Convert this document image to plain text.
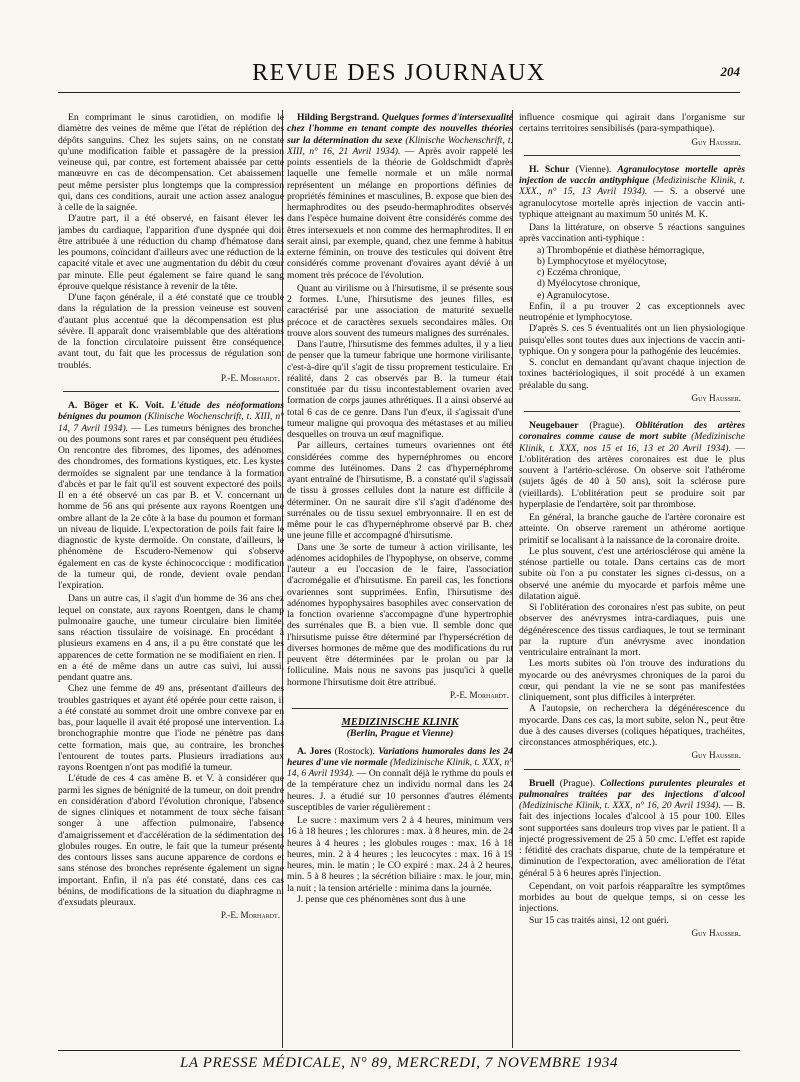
REVUE DES JOURNAUX	204

En comprimant le sinus carotidien, on modifie le diamètre des veines de même que l'état de réplétion des dépôts sanguins. Chez les sujets sains, on ne constate qu'une modification faible et passagère de la pression veineuse qui, par contre, est fortement abaissée par cette manœuvre en cas de décompensation. Cet abaissement peut même persister plus longtemps que la compression qui, dans ces conditions, aurait une action assez analogue à celle de la saignée.

D'autre part, il a été observé, en faisant élever les jambes du cardiaque, l'apparition d'une dyspnée qui doit être attribuée à une réduction du champ d'hématose dans les poumons, coïncidant d'ailleurs avec une réduction de la capacité vitale et avec une augmentation du débit du cœur par minute. Elle peut également se faire quand le sang éprouve quelque résistance à revenir de la tête.

D'une façon générale, il a été constaté que ce trouble dans la régulation de la pression veineuse est souvent d'autant plus accentué que la décompensation est plus sévère. Il apparaît donc vraisemblable que des altérations de la fonction circulatoire puissent être conséquence, avant tout, du fait que les processus de régulation sont troublés.

P.-E. Morhardt.

A. Böger et K. Voit. L'étude des néoformations bénignes du poumon (Klinische Wochenschrift, t. XIII, n° 14, 7 Avril 1934). — Les tumeurs bénignes des bronches ou des poumons sont rares et par conséquent peu étudiées. On rencontre des fibromes, des lipomes, des adénomes, des chondromes, des formations kystiques, etc. Les kystes dermoïdes se signalent par une tendance à la formation d'abcès et par le fait qu'il est souvent expectoré des poils. Il en a été observé un cas par B. et V. concernant un homme de 56 ans qui présente aux rayons Roentgen une ombre allant de la 2e côte à la base du poumon et formant un niveau de liquide. L'expectoration de poils fait faire le diagnostic de kyste dermoïde. On constate, d'ailleurs, le phénomène de Escudero-Nemenow qui s'observe également en cas de kyste échinococcique : modification de la tumeur qui, de ronde, devient ovale pendant l'expiration.

Dans un autre cas, il s'agit d'un homme de 36 ans chez lequel on constate, aux rayons Roentgen, dans le champ pulmonaire gauche, une tumeur circulaire bien limitée, sans réaction tissulaire de voisinage. En procédant à plusieurs examens en 4 ans, il a pu être constaté que les apparences de cette formation ne se modifiaient en rien. Il en a été de même dans un autre cas suivi, lui aussi, pendant quatre ans.

Chez une femme de 49 ans, présentant d'ailleurs des troubles gastriques et ayant été opérée pour cette raison, il a été constaté au sommet droit une ombre convexe par en bas, pour laquelle il avait été proposé une intervention. La bronchographie montre que l'iode ne pénètre pas dans cette formation, mais que, au contraire, les bronches l'entourent de toutes parts. Plusieurs irradiations aux rayons Roentgen n'ont pas modifié la tumeur.

L'étude de ces 4 cas amène B. et V. à considérer que parmi les signes de bénignité de la tumeur, on doit prendre en considération d'abord l'évolution chronique, l'absence de signes cliniques et notamment de toux sèche faisant songer à une affection pulmonaire, l'absence d'amaigrissement et d'accélération de la sédimentation des globules rouges. En outre, le fait que la tumeur présente des contours lisses sans aucune apparence de cordons et sans sténose des bronches représente également un signe important. Enfin, il n'a pas été constaté, dans ces cas bénins, de modifications de la situation du diaphragme ni d'exsudats pleuraux.

P.-E. Morhardt.

Hilding Bergstrand. Quelques formes d'intersexualité chez l'homme en tenant compte des nouvelles théories sur la détermination du sexe (Klinische Wochenschrift, t. XIII, n° 16, 21 Avril 1934). — Après avoir rappelé les points essentiels de la théorie de Goldschmidt d'après laquelle une femelle normale et un mâle normal représentent un mélange en proportions définies de propriétés féminines et masculines, B. expose que bien des hermaphrodites ou des pseudo-hermaphrodites observés dans l'espèce humaine doivent être considérés comme des êtres intersexuels et non comme des hermaphrodites. Il en serait ainsi, par exemple, quand, chez une femme à habitus externe féminin, on trouve des testicules qui doivent être considérés comme provenant d'ovaires ayant dévié à un moment très précoce de l'évolution.

Quant au virilisme ou à l'hirsutisme, il se présente sous 2 formes. L'une, l'hirsutisme des jeunes filles, est caractérisé par une association de maturité sexuelle précoce et de caractères sexuels secondaires mâles. On trouve alors souvent des tumeurs malignes des surrénales.

Dans l'autre, l'hirsutisme des femmes adultes, il y a lieu de penser que la tumeur fabrique une hormone virilisante, c'est-à-dire qu'il s'agit de tissu proprement testiculaire. En réalité, dans 2 cas observés par B. la tumeur était constituée par du tissu incontestablement ovarien avec formation de corps jaunes athrétiques. Il a ainsi observé au total 6 cas de ce genre. Dans l'un d'eux, il s'agissait d'une tumeur maligne qui provoqua des métastases et au milieu desquelles on trouva un œuf magnifique.

Par ailleurs, certaines tumeurs ovariennes ont été considérées comme des hypernéphromes ou encore comme des lutéinomes. Dans 2 cas d'hypernéphrome ayant entraîné de l'hirsutisme, B. a constaté qu'il s'agissait de tissu à grosses cellules dont la nature est difficile à déterminer. On ne saurait dire s'il s'agit d'adénome des surrénales ou de tissu sexuel embryonnaire. Il en est de même pour le cas d'hypernéphrome observé par B. chez une jeune fille et accompagné d'hirsutisme.

Dans une 3e sorte de tumeur à action virilisante, les adénomes acidophiles de l'hypophyse, on observe, comme l'auteur a eu l'occasion de le faire, l'association d'acromégalie et d'hirsutisme. En pareil cas, les fonctions ovariennes sont supprimées. Enfin, l'hirsutisme des adénomes hypophysaires basophiles avec conservation de la fonction ovarienne s'accompagne d'une hypertrophie des surrénales que B. a bien vue. Il semble donc que l'hirsutisme puisse être déterminé par l'hypersécrétion de diverses hormones de même que des modifications du rut peuvent être déterminées par le prolan ou par la folliculine. Mais nous ne savons pas jusqu'ici à quelle hormone l'hirsutisme doit être attribué.

P.-E. Morhardt.

MEDIZINISCHE KLINIK

(Berlin, Prague et Vienne)

A. Jores (Rostock). Variations humorales dans les 24 heures d'une vie normale (Medizinische Klinik, t. XXX, n° 14, 6 Avril 1934). — On connaît déjà le rythme du pouls et de la température chez un individu normal dans les 24 heures. J. a étudié sur 10 personnes d'autres éléments susceptibles de varier régulièrement :

Le sucre : maximum vers 2 à 4 heures, minimum vers 16 à 18 heures ; les chlorures : max. à 8 heures, min. de 24 heures à 4 heures ; les globules rouges : max. 16 à 18 heures, min. 2 à 4 heures ; les leucocytes : max. 16 à 19 heures, min. le matin ; le CO expiré : max. 24 à 2 heures, min. 5 à 8 heures ; la sécrétion biliaire : max. le jour, min. la nuit ; la tension artérielle : minima dans la journée.

J. pense que ces phénomènes sont dus à une

influence cosmique qui agirait dans l'organisme sur certains territoires sensibilisés (para-sympathique).

Guy Hausser.

H. Schur (Vienne). Agranulocytose mortelle après injection de vaccin antityphique (Medizinische Klinik, t. XXX., n° 15, 13 Avril 1934). — S. a observé une agranulocytose mortelle après injection de vaccin anti-typhique atteignant au maximum 50 unités M. K.

Dans la littérature, on observe 5 réactions sanguines après vaccination anti-typhique :

a) Thrombopénie et diathèse hémorragique,
b) Lymphocytose et myélocytose,
c) Eczéma chronique,
d) Myélocytose chronique,
e) Agranulocytose.

Enfin, il a pu trouver 2 cas exceptionnels avec neutropénie et lymphocytose.

D'après S. ces 5 éventualités ont un lien physiologique puisqu'elles sont toutes dues aux injections de vaccin anti-typhique. On y songera pour la pathogénie des leucémies.

S. conclut en demandant qu'avant chaque injection de toxines bactériologiques, il soit procédé à un examen préalable du sang.

Guy Hausser.

Neugebauer (Prague). Oblitération des artères coronaires comme cause de mort subite (Medizinische Klinik, t. XXX, nos 15 et 16, 13 et 20 Avril 1934). — L'oblitération des artères coronaires est due le plus souvent à l'artério-sclérose. On observe soit l'athérome (sujets âgés de 40 à 50 ans), soit la sclérose pure (vieillards). L'oblitération peut se produire soit par hyperplasie de l'endartère, soit par thrombose.

En général, la branche gauche de l'artère coronaire est atteinte. On observe rarement un athérome aortique primitif se localisant à la naissance de la coronaire droite.

Le plus souvent, c'est une artériosclérose qui amène la sténose partielle ou totale. Dans certains cas de mort subite où l'on a pu constater les signes ci-dessus, on a observé une anémie du myocarde et parfois même une dilatation aiguë.

Si l'oblitération des coronaires n'est pas subite, on peut observer des anévrysmes intra-cardiaques, puis une dégénérescence des tissus cardiaques, le tout se terminant par la rupture d'un anévrysme avec inondation ventriculaire entraînant la mort.

Les morts subites où l'on trouve des indurations du myocarde ou des anévrysmes chroniques de la paroi du cœur, qui pendant la vie ne se sont pas manifestées cliniquement, sont plus difficiles à interpréter.

A l'autopsie, on recherchera la dégénérescence du myocarde. Dans ces cas, la mort subite, selon N., peut être due à des causes diverses (coliques hépatiques, trachéites, circonstances atmosphériques, etc.).

Guy Hausser.

Bruell (Prague). Collections purulentes pleurales et pulmonaires traitées par des injections d'alcool (Medizinische Klinik, t. XXX, n° 16, 20 Avril 1934). — B. fait des injections locales d'alcool à 15 pour 100. Elles sont supportées sans douleurs trop vives par le patient. Il a injecté progressivement de 25 à 50 cmc. L'effet est rapide : fétidité des crachats disparue, chute de la température et diminution de l'expectoration, avec amélioration de l'état général 5 à 6 heures après l'injection.

Cependant, on voit parfois réapparaître les symptômes morbides au bout de quelque temps, si on cesse les injections.

Sur 15 cas traités ainsi, 12 ont guéri.

Guy Hausser.

LA PRESSE MÉDICALE, N° 89, MERCREDI, 7 NOVEMBRE 1934
